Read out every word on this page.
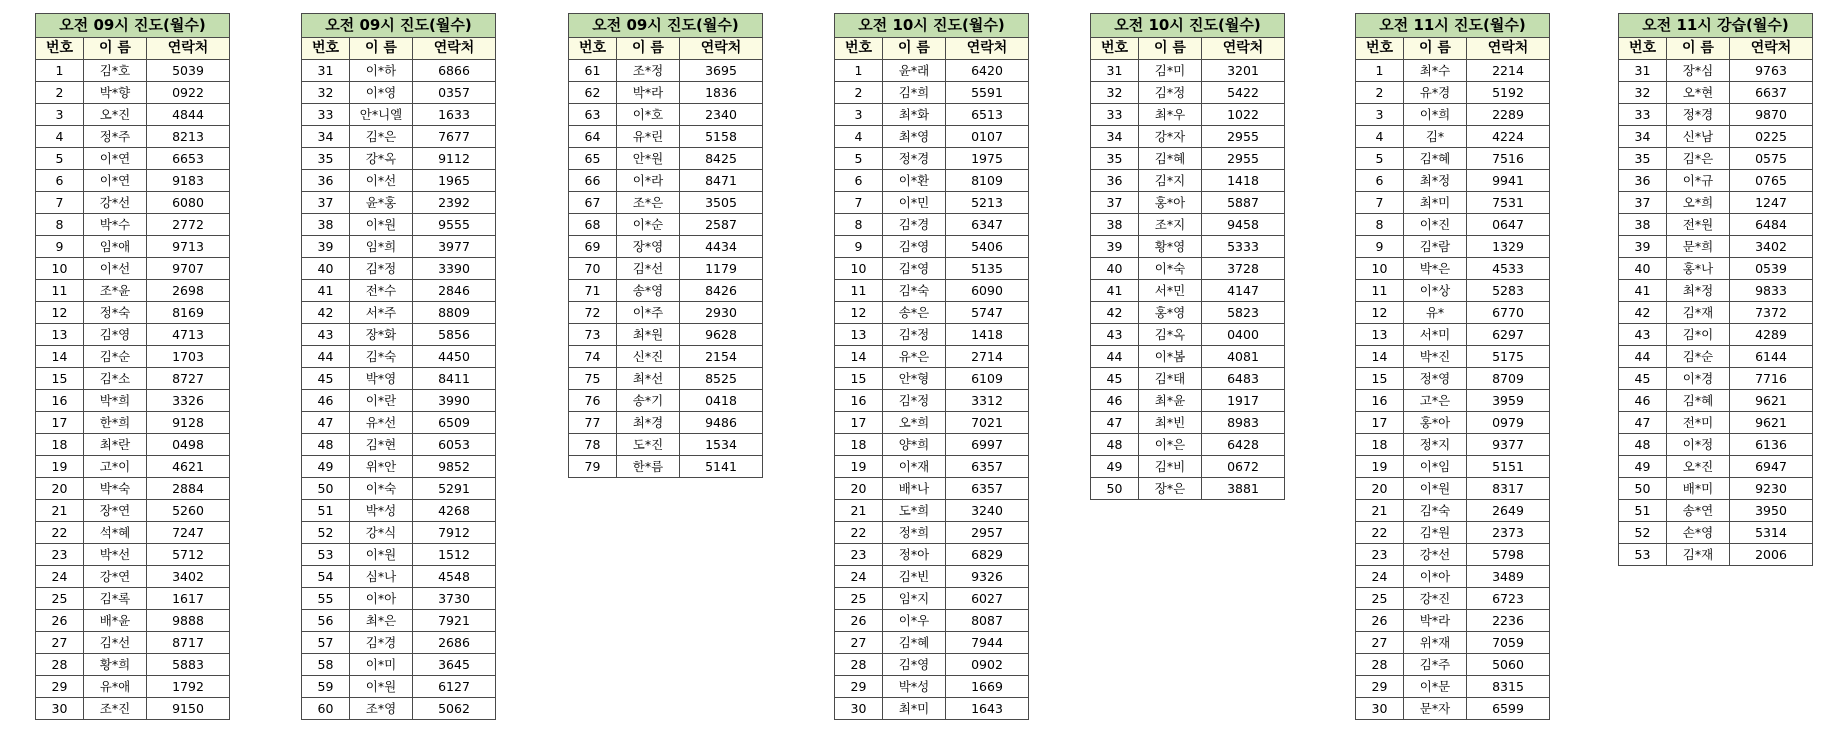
오전 09시 진도(월수)		
번호	이 름	연락처
1	김*호	5039
2	박*향	0922
3	오*진	4844
4	정*주	8213
5	이*연	6653
6	이*연	9183
7	강*선	6080
8	박*수	2772
9	임*애	9713
10	이*선	9707
11	조*윤	2698
12	정*숙	8169
13	김*영	4713
14	김*순	1703
15	김*소	8727
16	박*희	3326
17	한*희	9128
18	최*란	0498
19	고*이	4621
20	박*숙	2884
21	장*연	5260
22	석*혜	7247
23	박*선	5712
24	강*연	3402
25	김*록	1617
26	배*윤	9888
27	김*선	8717
28	황*희	5883
29	유*애	1792
30	조*진	9150
오전 09시 진도(월수)		
번호	이 름	연락처
31	이*하	6866
32	이*영	0357
33	안*니엘	1633
34	김*은	7677
35	강*옥	9112
36	이*선	1965
37	윤*홍	2392
38	이*원	9555
39	임*희	3977
40	김*정	3390
41	전*수	2846
42	서*주	8809
43	장*화	5856
44	김*숙	4450
45	박*영	8411
46	이*란	3990
47	유*선	6509
48	김*현	6053
49	위*안	9852
50	이*숙	5291
51	박*성	4268
52	강*식	7912
53	이*원	1512
54	심*나	4548
55	이*아	3730
56	최*은	7921
57	김*경	2686
58	이*미	3645
59	이*원	6127
60	조*영	5062
오전 09시 진도(월수)		
번호	이 름	연락처
61	조*정	3695
62	박*라	1836
63	이*호	2340
64	유*린	5158
65	안*원	8425
66	이*라	8471
67	조*은	3505
68	이*순	2587
69	장*영	4434
70	김*선	1179
71	송*영	8426
72	이*주	2930
73	최*원	9628
74	신*진	2154
75	최*선	8525
76	송*기	0418
77	최*경	9486
78	도*진	1534
79	한*름	5141
오전 10시 진도(월수)		
번호	이 름	연락처
1	윤*래	6420
2	김*희	5591
3	최*화	6513
4	최*영	0107
5	정*경	1975
6	이*환	8109
7	이*민	5213
8	김*경	6347
9	김*영	5406
10	김*영	5135
11	김*숙	6090
12	송*은	5747
13	김*정	1418
14	유*은	2714
15	안*형	6109
16	김*정	3312
17	오*희	7021
18	양*희	6997
19	이*재	6357
20	배*나	6357
21	도*희	3240
22	정*희	2957
23	정*아	6829
24	김*빈	9326
25	임*지	6027
26	이*우	8087
27	김*혜	7944
28	김*영	0902
29	박*성	1669
30	최*미	1643
오전 10시 진도(월수)		
번호	이 름	연락처
31	김*미	3201
32	김*정	5422
33	최*우	1022
34	강*자	2955
35	김*혜	2955
36	김*지	1418
37	홍*아	5887
38	조*지	9458
39	황*영	5333
40	이*숙	3728
41	서*민	4147
42	홍*영	5823
43	김*옥	0400
44	이*봄	4081
45	김*태	6483
46	최*윤	1917
47	최*빈	8983
48	이*은	6428
49	김*비	0672
50	장*은	3881
오전 11시 진도(월수)		
번호	이 름	연락처
1	최*수	2214
2	유*경	5192
3	이*희	2289
4	김*	4224
5	김*혜	7516
6	최*정	9941
7	최*미	7531
8	이*진	0647
9	김*람	1329
10	박*은	4533
11	이*상	5283
12	유*	6770
13	서*미	6297
14	박*진	5175
15	정*영	8709
16	고*은	3959
17	홍*아	0979
18	정*지	9377
19	이*임	5151
20	이*원	8317
21	김*숙	2649
22	김*원	2373
23	강*선	5798
24	이*아	3489
25	강*진	6723
26	박*라	2236
27	위*재	7059
28	김*주	5060
29	이*문	8315
30	문*자	6599
오전 11시 강습(월수)		
번호	이 름	연락처
31	장*심	9763
32	오*현	6637
33	정*경	9870
34	신*남	0225
35	김*은	0575
36	이*규	0765
37	오*희	1247
38	전*원	6484
39	문*희	3402
40	홍*나	0539
41	최*정	9833
42	김*재	7372
43	김*이	4289
44	김*순	6144
45	이*경	7716
46	김*혜	9621
47	전*미	9621
48	이*정	6136
49	오*진	6947
50	배*미	9230
51	송*연	3950
52	손*영	5314
53	김*재	2006
